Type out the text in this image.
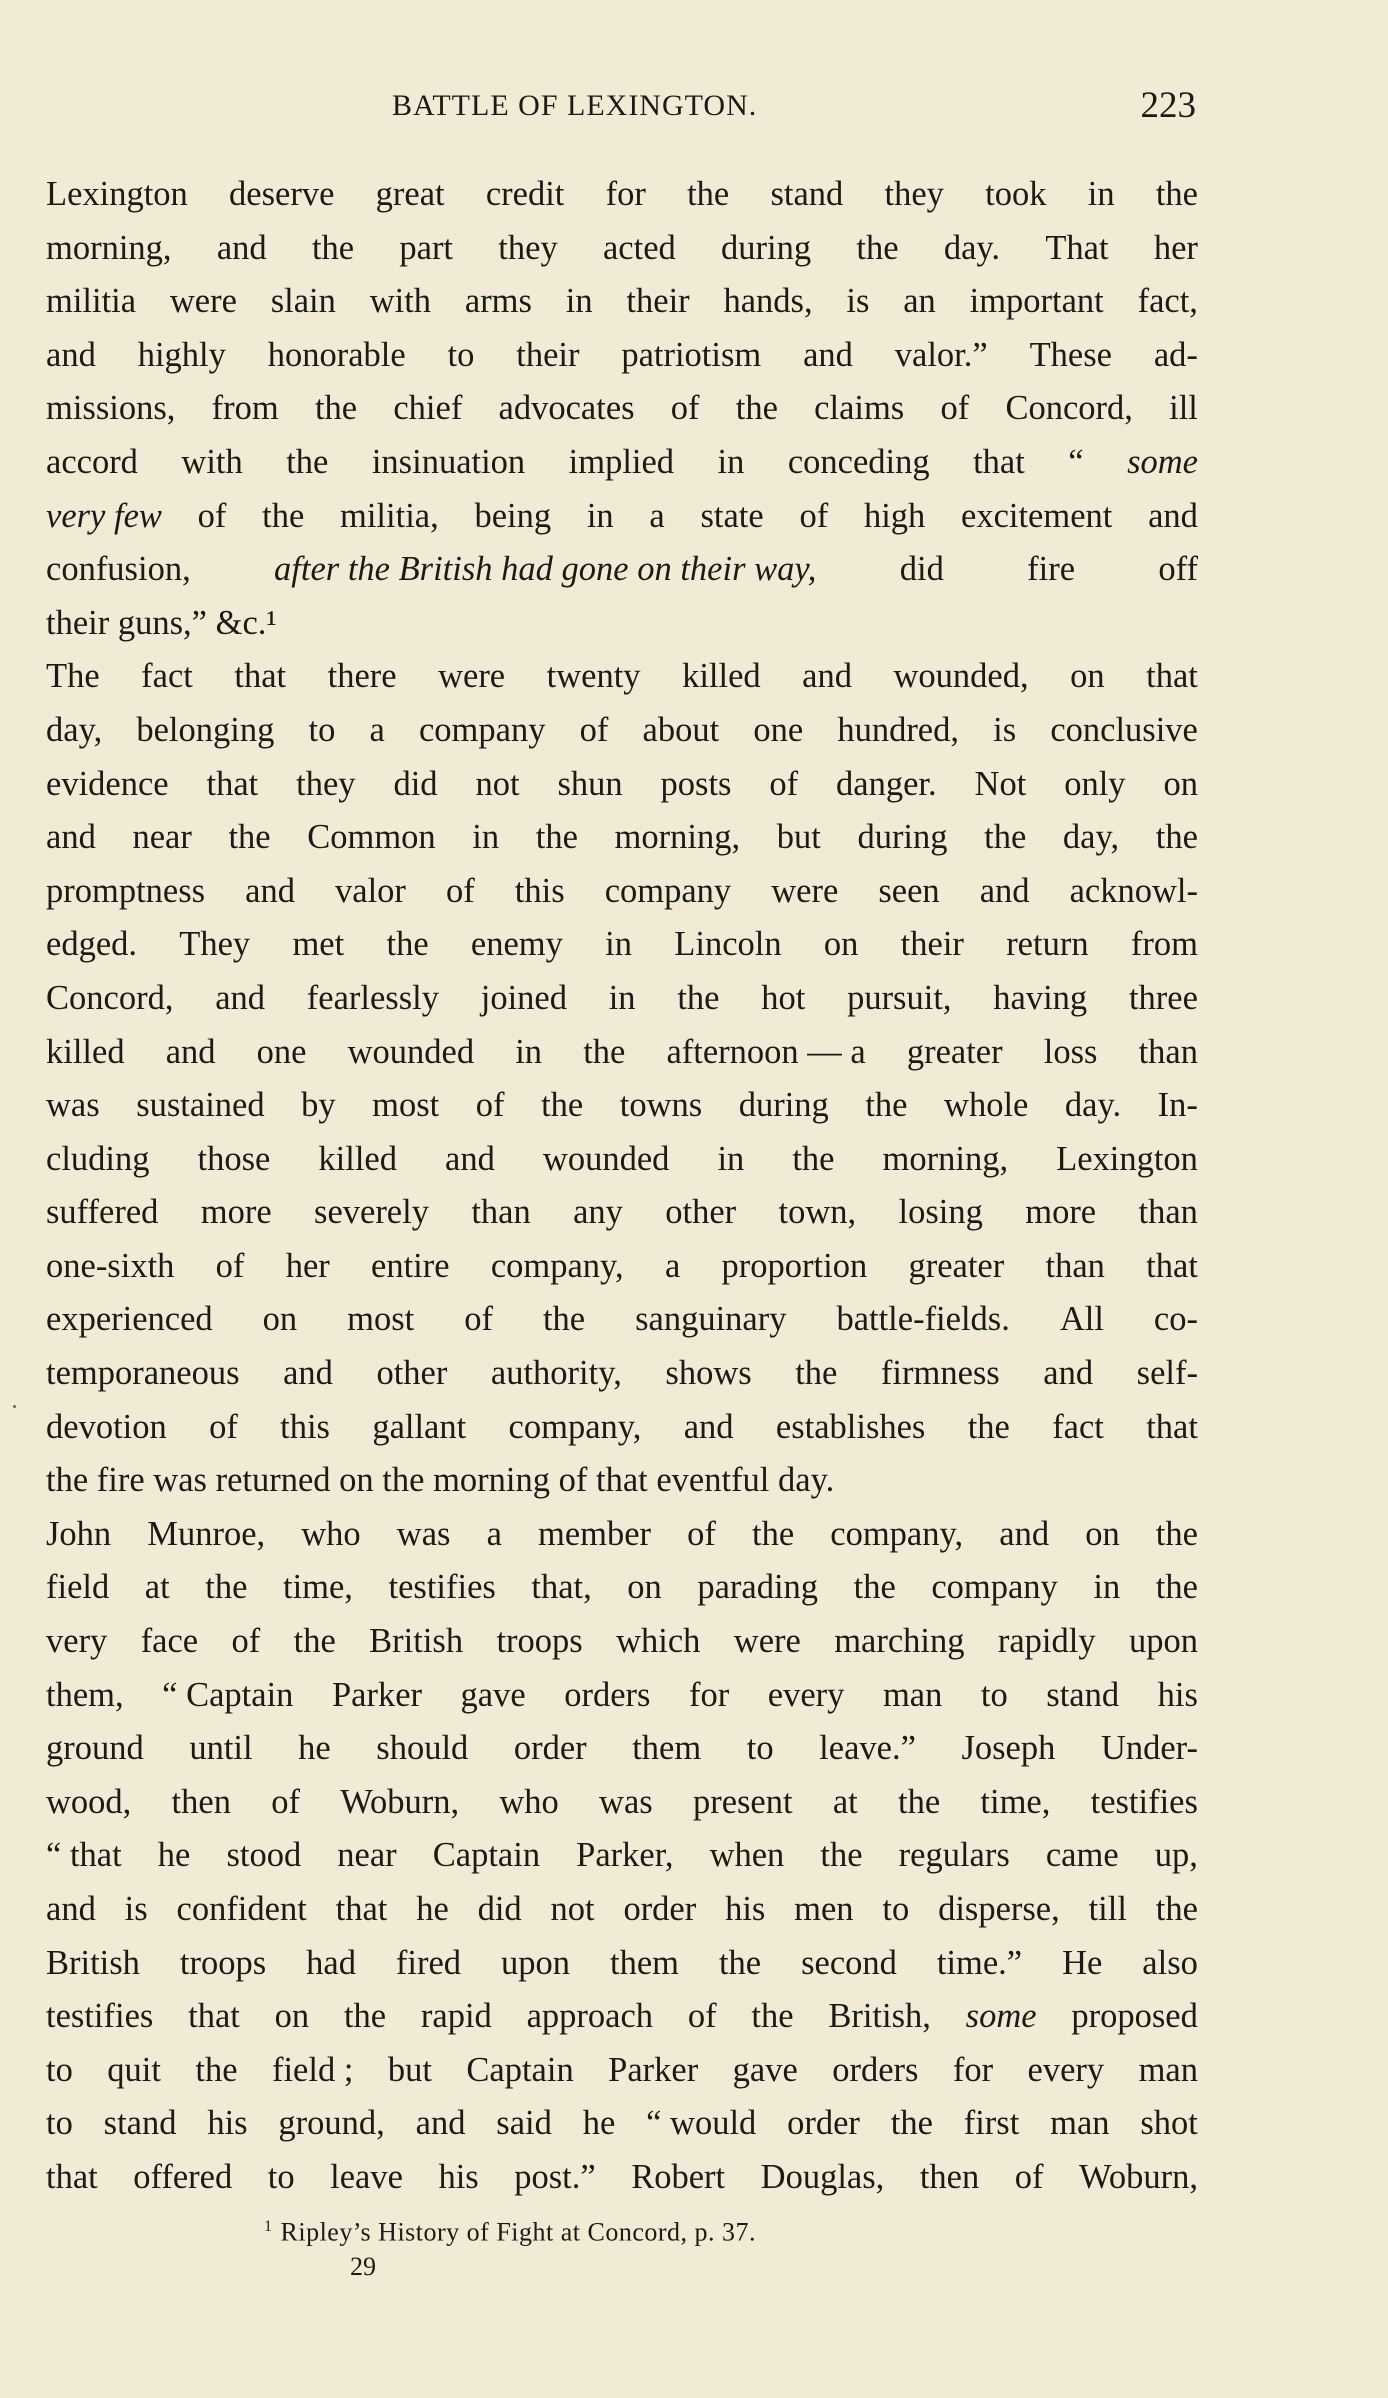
BATTLE OF LEXINGTON.	223
Lexington deserve great credit for the stand they took in the
morning, and the part they acted during the day. That her
militia were slain with arms in their hands, is an important fact,
and highly honorable to their patriotism and valor.” These ad-
missions, from the chief advocates of the claims of Concord, ill
accord with the insinuation implied in conceding that “ some
very few of the militia, being in a state of high excitement and
confusion, after the British had gone on their way, did fire off
their guns,” &c.¹
The fact that there were twenty killed and wounded, on that
day, belonging to a company of about one hundred, is conclusive
evidence that they did not shun posts of danger. Not only on
and near the Common in the morning, but during the day, the
promptness and valor of this company were seen and acknowl-
edged. They met the enemy in Lincoln on their return from
Concord, and fearlessly joined in the hot pursuit, having three
killed and one wounded in the afternoon — a greater loss than
was sustained by most of the towns during the whole day. In-
cluding those killed and wounded in the morning, Lexington
suffered more severely than any other town, losing more than
one-sixth of her entire company, a proportion greater than that
experienced on most of the sanguinary battle-fields. All co-
temporaneous and other authority, shows the firmness and self-
devotion of this gallant company, and establishes the fact that
the fire was returned on the morning of that eventful day.
John Munroe, who was a member of the company, and on the
field at the time, testifies that, on parading the company in the
very face of the British troops which were marching rapidly upon
them, “ Captain Parker gave orders for every man to stand his
ground until he should order them to leave.” Joseph Under-
wood, then of Woburn, who was present at the time, testifies
“ that he stood near Captain Parker, when the regulars came up,
and is confident that he did not order his men to disperse, till the
British troops had fired upon them the second time.” He also
testifies that on the rapid approach of the British, some proposed
to quit the field ; but Captain Parker gave orders for every man
to stand his ground, and said he “ would order the first man shot
that offered to leave his post.” Robert Douglas, then of Woburn,
$^1$ Ripley’s History of Fight at Concord, p. 37.
29
